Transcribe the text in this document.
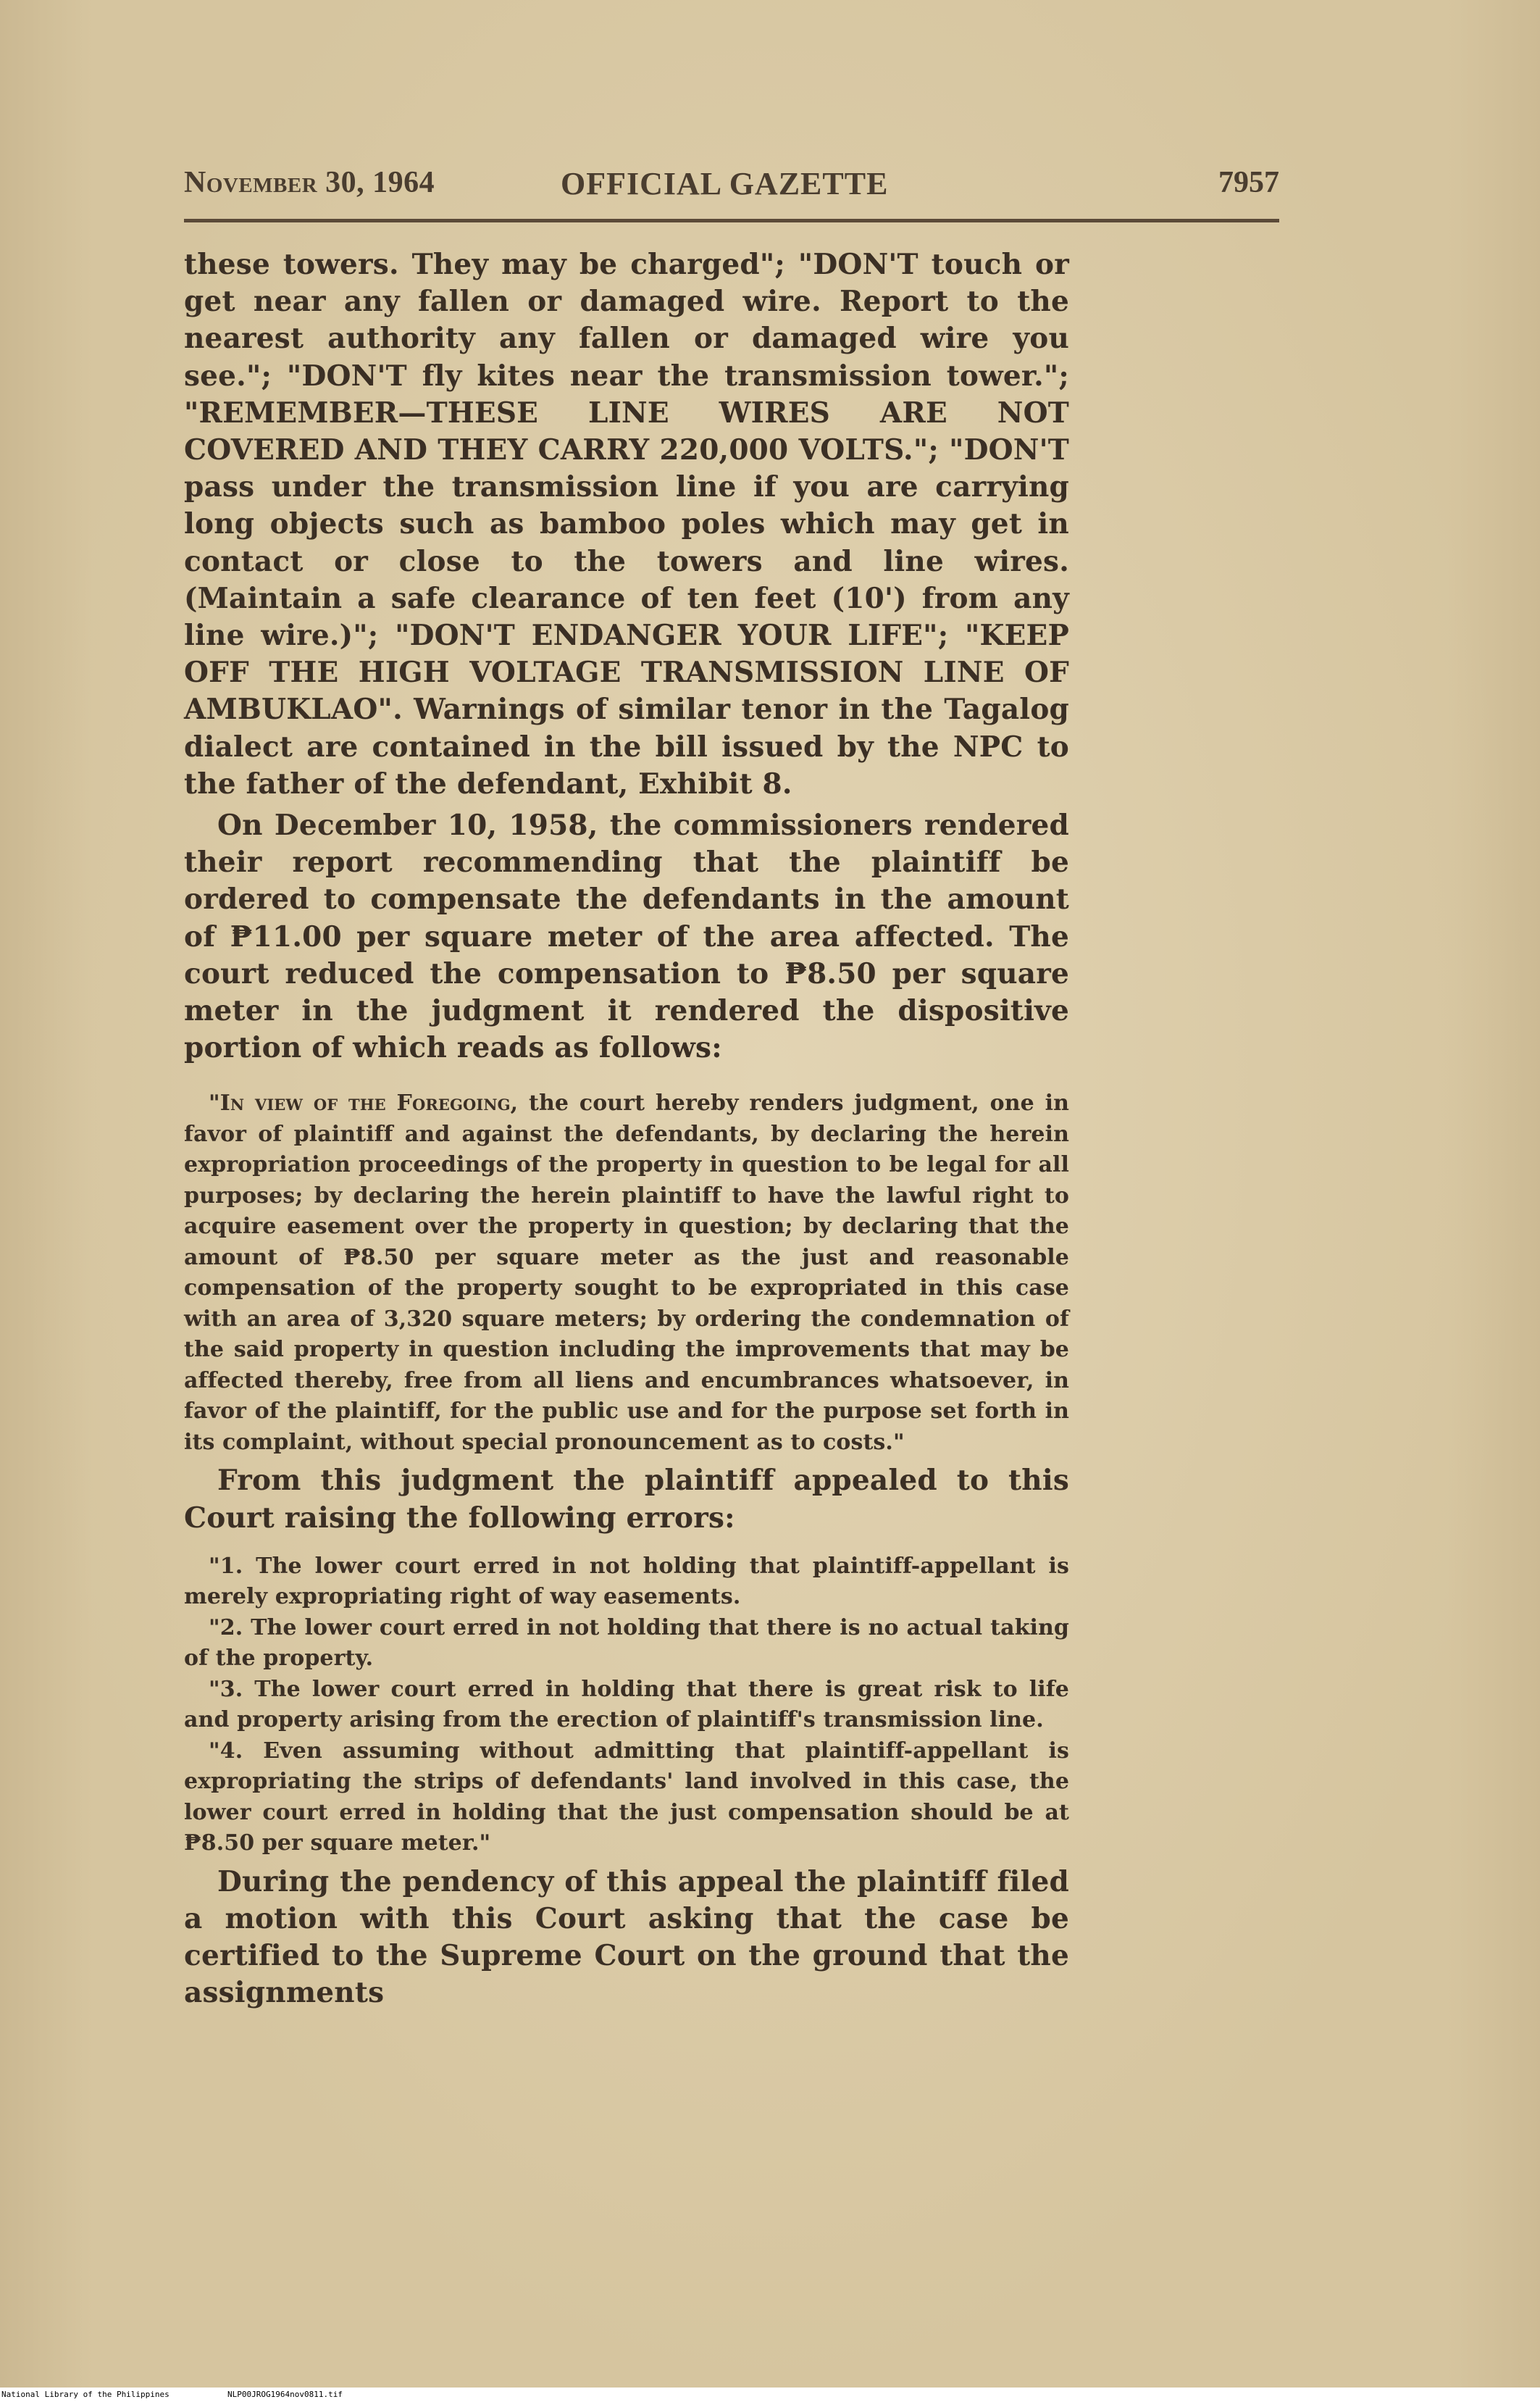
November 30, 1964	OFFICIAL GAZETTE	7957

these towers. They may be charged"; "DON'T touch or get near any fallen or damaged wire. Report to the nearest authority any fallen or damaged wire you see."; "DON'T fly kites near the transmission tower."; "REMEMBER—THESE LINE WIRES ARE NOT COVERED AND THEY CARRY 220,000 VOLTS."; "DON'T pass under the transmission line if you are carrying long objects such as bamboo poles which may get in contact or close to the towers and line wires. (Maintain a safe clearance of ten feet (10') from any line wire.)"; "DON'T ENDANGER YOUR LIFE"; "KEEP OFF THE HIGH VOLTAGE TRANSMISSION LINE OF AMBUKLAO". Warnings of similar tenor in the Tagalog dialect are contained in the bill issued by the NPC to the father of the defendant, Exhibit 8.

On December 10, 1958, the commissioners rendered their report recommending that the plaintiff be ordered to compensate the defendants in the amount of ₱11.00 per square meter of the area affected. The court reduced the compensation to ₱8.50 per square meter in the judgment it rendered the dispositive portion of which reads as follows:

"In view of the Foregoing, the court hereby renders judgment, one in favor of plaintiff and against the defendants, by declaring the herein expropriation proceedings of the property in question to be legal for all purposes; by declaring the herein plaintiff to have the lawful right to acquire easement over the property in question; by declaring that the amount of ₱8.50 per square meter as the just and reasonable compensation of the property sought to be expropriated in this case with an area of 3,320 square meters; by ordering the condemnation of the said property in question including the improvements that may be affected thereby, free from all liens and encumbrances whatsoever, in favor of the plaintiff, for the public use and for the purpose set forth in its complaint, without special pronouncement as to costs."

From this judgment the plaintiff appealed to this Court raising the following errors:

"1. The lower court erred in not holding that plaintiff-appellant is merely expropriating right of way easements.

"2. The lower court erred in not holding that there is no actual taking of the property.

"3. The lower court erred in holding that there is great risk to life and property arising from the erection of plaintiff's transmission line.

"4. Even assuming without admitting that plaintiff-appellant is expropriating the strips of defendants' land involved in this case, the lower court erred in holding that the just compensation should be at ₱8.50 per square meter."

During the pendency of this appeal the plaintiff filed a motion with this Court asking that the case be certified to the Supreme Court on the ground that the assignments

National Library of the Philippines	NLP00JROG1964nov0811.tif
